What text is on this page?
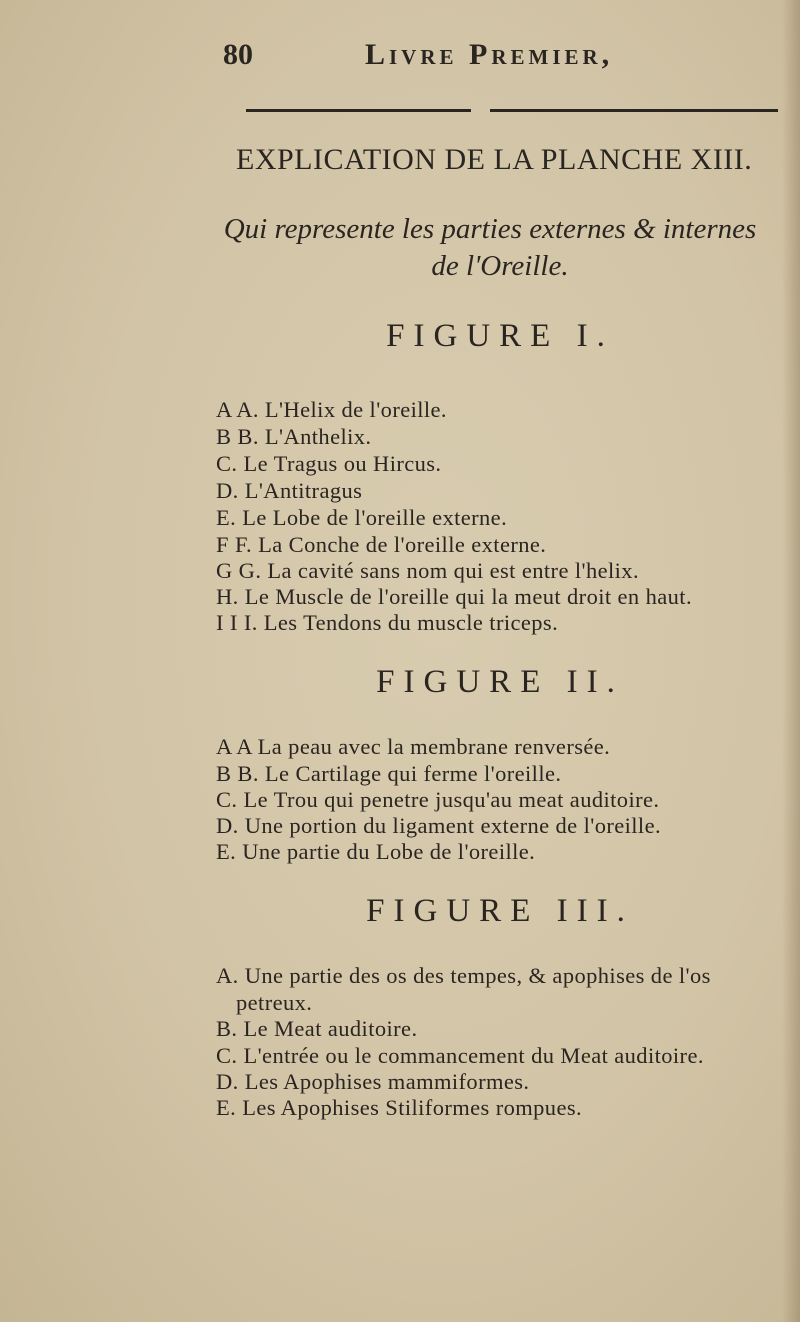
80	Livre Premier,
EXPLICATION DE LA PLANCHE XIII.
Qui represente les parties externes & internes
de l'Oreille.
FIGURE I.
A A. L'Helix de l'oreille.
B B. L'Anthelix.
C. Le Tragus ou Hircus.
D. L'Antitragus
E. Le Lobe de l'oreille externe.
F F. La Conche de l'oreille externe.
G G. La cavité sans nom qui est entre l'helix.
H. Le Muscle de l'oreille qui la meut droit en haut.
I I I. Les Tendons du muscle triceps.
FIGURE II.
A A La peau avec la membrane renversée.
B B. Le Cartilage qui ferme l'oreille.
C. Le Trou qui penetre jusqu'au meat auditoire.
D. Une portion du ligament externe de l'oreille.
E. Une partie du Lobe de l'oreille.
FIGURE III.
A. Une partie des os des tempes, & apophises de l'os
petreux.
B. Le Meat auditoire.
C. L'entrée ou le commancement du Meat auditoire.
D. Les Apophises mammiformes.
E. Les Apophises Stiliformes rompues.
